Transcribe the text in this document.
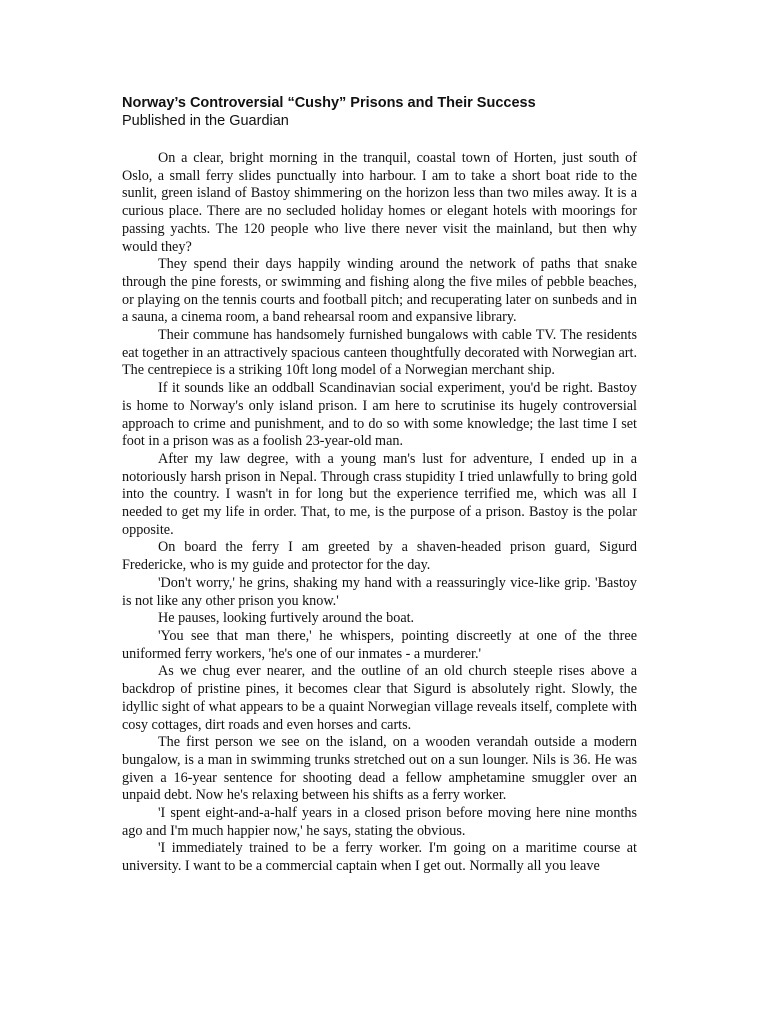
Norway’s Controversial “Cushy” Prisons and Their Success
Published in the Guardian

On a clear, bright morning in the tranquil, coastal town of Horten, just south of Oslo, a small ferry slides punctually into harbour. I am to take a short boat ride to the sunlit, green island of Bastoy shimmering on the horizon less than two miles away. It is a curious place. There are no secluded holiday homes or elegant hotels with moorings for passing yachts. The 120 people who live there never visit the mainland, but then why would they?

They spend their days happily winding around the network of paths that snake through the pine forests, or swimming and fishing along the five miles of pebble beaches, or playing on the tennis courts and football pitch; and recuperating later on sunbeds and in a sauna, a cinema room, a band rehearsal room and expansive library.

Their commune has handsomely furnished bungalows with cable TV. The residents eat together in an attractively spacious canteen thoughtfully decorated with Norwegian art. The centrepiece is a striking 10ft long model of a Norwegian merchant ship.

If it sounds like an oddball Scandinavian social experiment, you'd be right. Bastoy is home to Norway's only island prison. I am here to scrutinise its hugely controversial approach to crime and punishment, and to do so with some knowledge; the last time I set foot in a prison was as a foolish 23-year-old man.

After my law degree, with a young man's lust for adventure, I ended up in a notoriously harsh prison in Nepal. Through crass stupidity I tried unlawfully to bring gold into the country. I wasn't in for long but the experience terrified me, which was all I needed to get my life in order. That, to me, is the purpose of a prison. Bastoy is the polar opposite.

On board the ferry I am greeted by a shaven-headed prison guard, Sigurd Fredericke, who is my guide and protector for the day.

'Don't worry,' he grins, shaking my hand with a reassuringly vice-like grip. 'Bastoy is not like any other prison you know.'

He pauses, looking furtively around the boat.

'You see that man there,' he whispers, pointing discreetly at one of the three uniformed ferry workers, 'he's one of our inmates - a murderer.'

As we chug ever nearer, and the outline of an old church steeple rises above a backdrop of pristine pines, it becomes clear that Sigurd is absolutely right. Slowly, the idyllic sight of what appears to be a quaint Norwegian village reveals itself, complete with cosy cottages, dirt roads and even horses and carts.

The first person we see on the island, on a wooden verandah outside a modern bungalow, is a man in swimming trunks stretched out on a sun lounger. Nils is 36. He was given a 16-year sentence for shooting dead a fellow amphetamine smuggler over an unpaid debt. Now he's relaxing between his shifts as a ferry worker.

'I spent eight-and-a-half years in a closed prison before moving here nine months ago and I'm much happier now,' he says, stating the obvious.

'I immediately trained to be a ferry worker. I'm going on a maritime course at university. I want to be a commercial captain when I get out. Normally all you leave
